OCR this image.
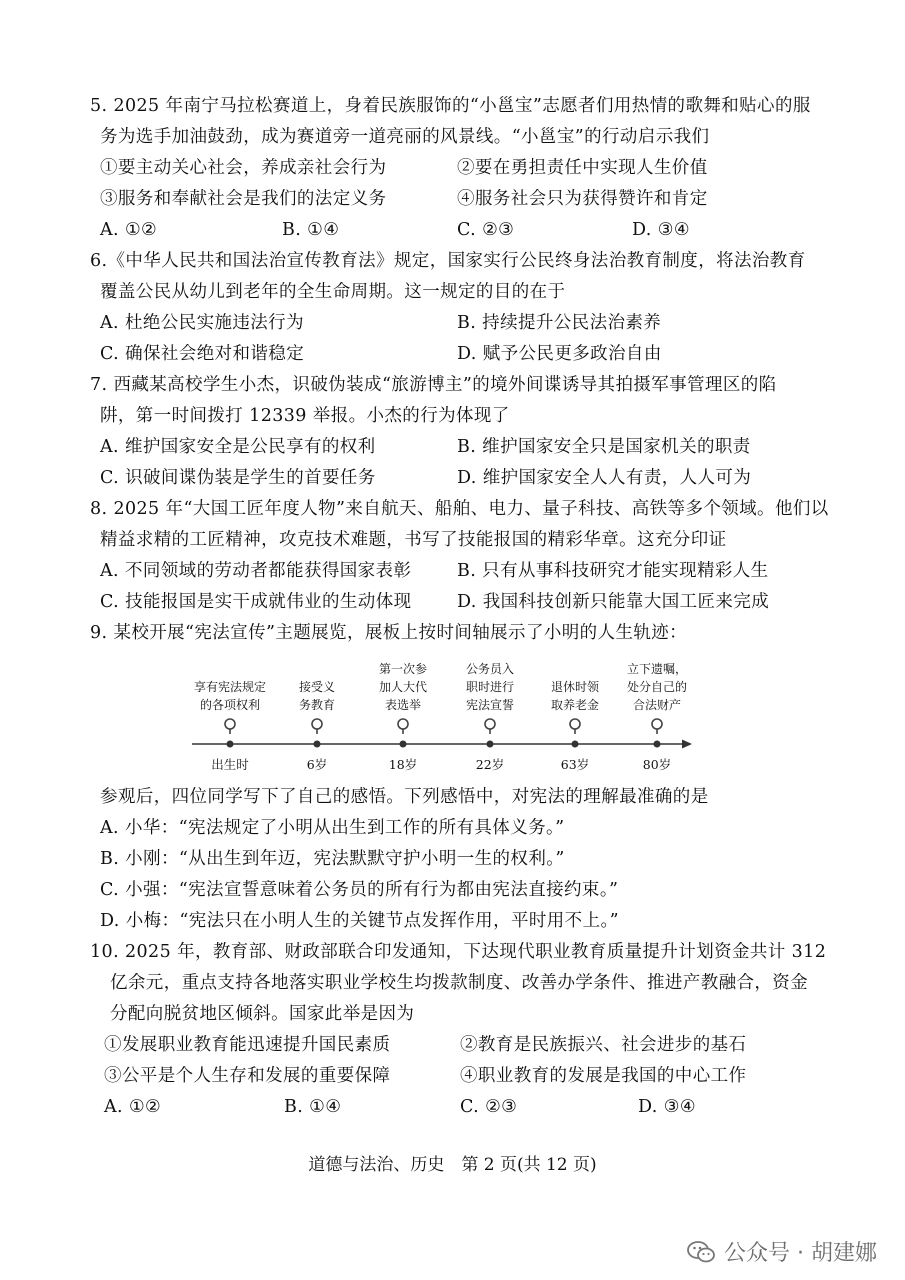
5. 2025 年南宁马拉松赛道上，身着民族服饰的“小邕宝”志愿者们用热情的歌舞和贴心的服
务为选手加油鼓劲，成为赛道旁一道亮丽的风景线。“小邕宝”的行动启示我们
①要主动关心社会，养成亲社会行为	②要在勇担责任中实现人生价值
③服务和奉献社会是我们的法定义务	④服务社会只为获得赞许和肯定
A. ①②	B. ①④	C. ②③	D. ③④
6.《中华人民共和国法治宣传教育法》规定，国家实行公民终身法治教育制度，将法治教育
覆盖公民从幼儿到老年的全生命周期。这一规定的目的在于
A. 杜绝公民实施违法行为	B. 持续提升公民法治素养
C. 确保社会绝对和谐稳定	D. 赋予公民更多政治自由
7. 西藏某高校学生小杰，识破伪装成“旅游博主”的境外间谍诱导其拍摄军事管理区的陷
阱，第一时间拨打 12339 举报。小杰的行为体现了
A. 维护国家安全是公民享有的权利	B. 维护国家安全只是国家机关的职责
C. 识破间谍伪装是学生的首要任务	D. 维护国家安全人人有责，人人可为
8. 2025 年“大国工匠年度人物”来自航天、船舶、电力、量子科技、高铁等多个领域。他们以
精益求精的工匠精神，攻克技术难题，书写了技能报国的精彩华章。这充分印证
A. 不同领域的劳动者都能获得国家表彰	B. 只有从事科技研究才能实现精彩人生
C. 技能报国是实干成就伟业的生动体现	D. 我国科技创新只能靠大国工匠来完成
9. 某校开展“宪法宣传”主题展览，展板上按时间轴展示了小明的人生轨迹：
享有宪法规定
的各项权利
出生时
接受义
务教育
6岁
第一次参
加人大代
表选举
18岁
公务员入
职时进行
宪法宣誓
22岁
退休时领
取养老金
63岁
立下遗嘱，
处分自己的
合法财产
80岁
参观后，四位同学写下了自己的感悟。下列感悟中，对宪法的理解最准确的是
A. 小华：“宪法规定了小明从出生到工作的所有具体义务。”
B. 小刚：“从出生到年迈，宪法默默守护小明一生的权利。”
C. 小强：“宪法宣誓意味着公务员的所有行为都由宪法直接约束。”
D. 小梅：“宪法只在小明人生的关键节点发挥作用，平时用不上。”
10. 2025 年，教育部、财政部联合印发通知，下达现代职业教育质量提升计划资金共计 312
亿余元，重点支持各地落实职业学校生均拨款制度、改善办学条件、推进产教融合，资金
分配向脱贫地区倾斜。国家此举是因为
①发展职业教育能迅速提升国民素质	②教育是民族振兴、社会进步的基石
③公平是个人生存和发展的重要保障	④职业教育的发展是我国的中心工作
A. ①②	B. ①④	C. ②③	D. ③④
道德与法治、历史　第 2 页(共 12 页)
公众号 · 胡建娜
